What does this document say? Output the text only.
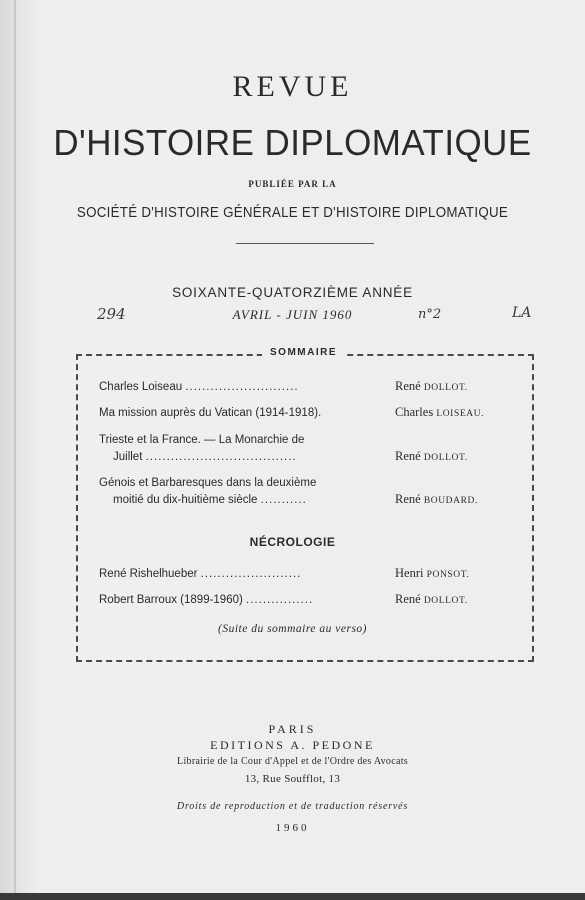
REVUE
D'HISTOIRE DIPLOMATIQUE
PUBLIÉE PAR LA
SOCIÉTÉ D'HISTOIRE GÉNÉRALE ET D'HISTOIRE DIPLOMATIQUE
SOIXANTE-QUATORZIÈME ANNÉE
AVRIL - JUIN 1960
294	n°2	LA
SOMMAIRE
Charles Loiseau ...........................	René DOLLOT.
Ma mission auprès du Vatican (1914-1918).	Charles LOISEAU.
Trieste et la France. — La Monarchie de
Juillet ....................................	René DOLLOT.
Génois et Barbaresques dans la deuxième
moitié du dix-huitième siècle ...........	René BOUDARD.
NÉCROLOGIE
René Rishelhueber ........................	Henri PONSOT.
Robert Barroux (1899-1960) ................	René DOLLOT.
(Suite du sommaire au verso)
PARIS
EDITIONS A. PEDONE
Librairie de la Cour d'Appel et de l'Ordre des Avocats
13, Rue Soufflot, 13
Droits de reproduction et de traduction réservés
1960
